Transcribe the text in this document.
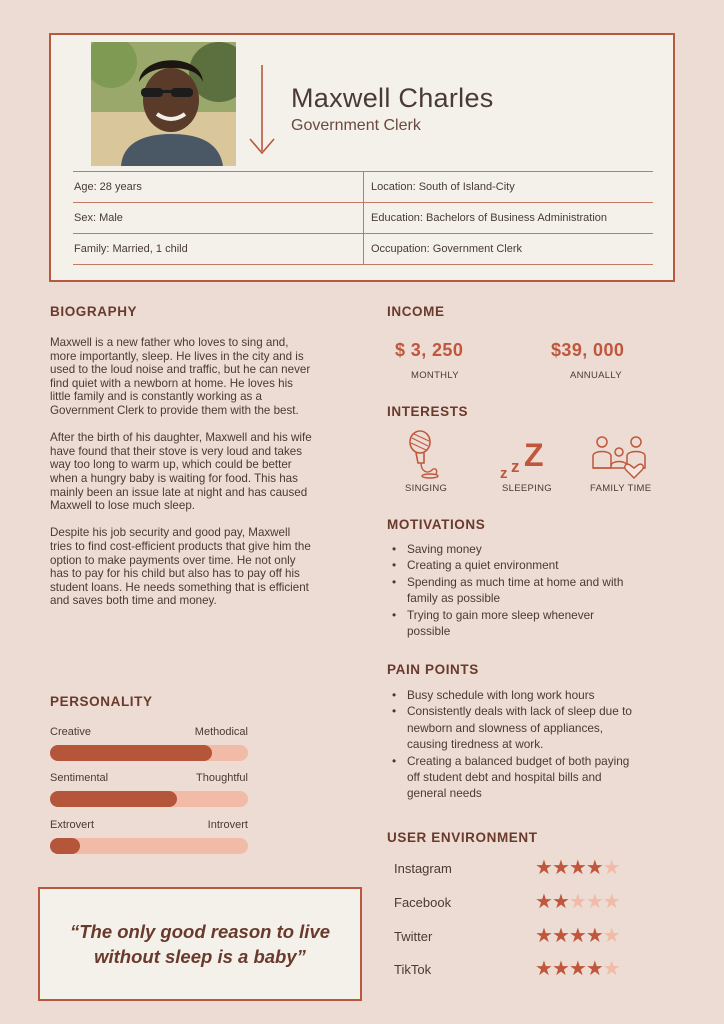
Maxwell Charles
Government Clerk
Age: 28 years	Location: South of Island-City
Sex: Male	Education: Bachelors of Business Administration
Family: Married, 1 child	Occupation: Government Clerk
BIOGRAPHY

Maxwell is a new father who loves to sing and, more importantly, sleep. He lives in the city and is used to the loud noise and traffic, but he can never find quiet with a newborn at home. He loves his little family and is constantly working as a Government Clerk to provide them with the best.

After the birth of his daughter, Maxwell and his wife have found that their stove is very loud and takes way too long to warm up, which could be better when a hungry baby is waiting for food. This has mainly been an issue late at night and has caused Maxwell to lose much sleep.

Despite his job security and good pay, Maxwell tries to find cost-efficient products that give him the option to make payments over time. He not only has to pay for his child but also has to pay off his student loans. He needs something that is efficient and saves both time and money.

PERSONALITY
Creative	Methodical
Sentimental	Thoughtful
Extrovert	Introvert
“The only good reason to live without sleep is a baby”
INCOME
$ 3, 250
MONTHLY
$39, 000
ANNUALLY
INTERESTS
SINGING
z z Z
SLEEPING	FAMILY TIME
MOTIVATIONS
• Saving money
• Creating a quiet environment
• Spending as much time at home and with family as possible
• Trying to gain more sleep whenever possible
PAIN POINTS
• Busy schedule with long work hours
• Consistently deals with lack of sleep due to newborn and slowness of appliances, causing tiredness at work.
• Creating a balanced budget of both paying off student debt and hospital bills and general needs
USER ENVIRONMENT
Instagram	★★★★★
Facebook	★★★★★
Twitter	★★★★★
TikTok	★★★★★
